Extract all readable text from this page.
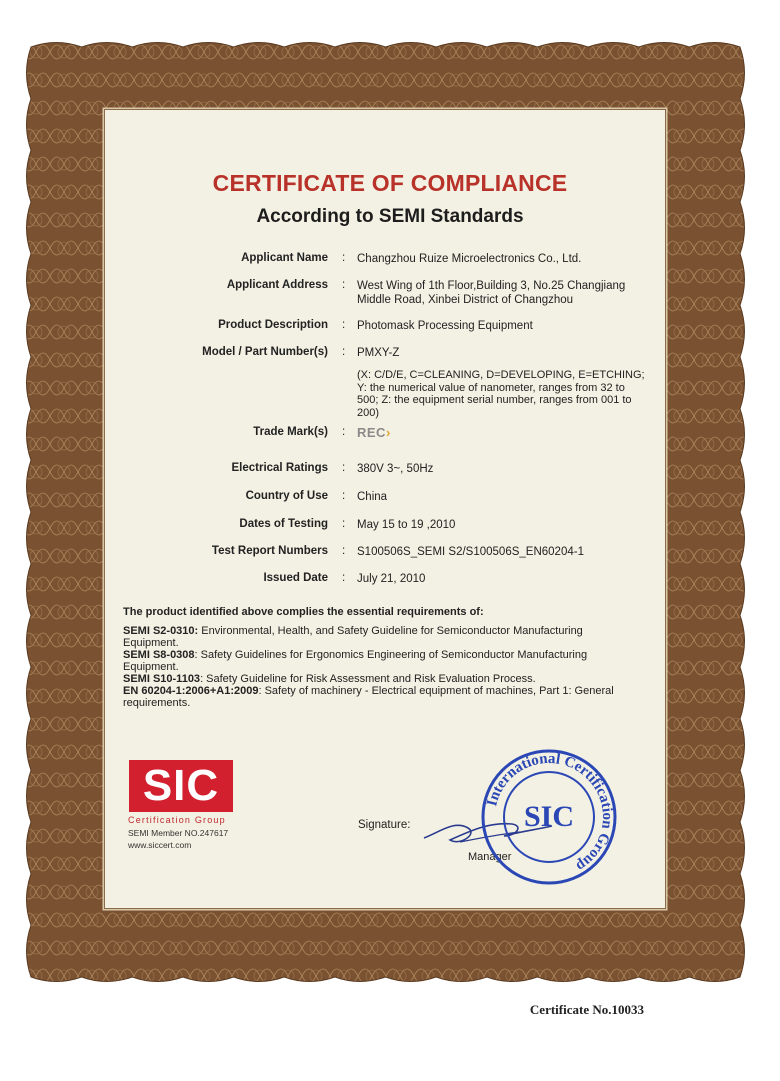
CERTIFICATE OF COMPLIANCE
According to SEMI Standards
Applicant Name : Changzhou Ruize Microelectronics Co., Ltd.
Applicant Address : West Wing of 1th Floor,Building 3, No.25 Changjiang Middle Road, Xinbei District of Changzhou
Product Description : Photomask Processing Equipment
Model / Part Number(s) : PMXY-Z
(X: C/D/E, C=CLEANING, D=DEVELOPING, E=ETCHING; Y: the numerical value of nanometer, ranges from 32 to 500; Z: the equipment serial number, ranges from 001 to 200)
Trade Mark(s) : REC›
Electrical Ratings : 380V 3~, 50Hz
Country of Use : China
Dates of Testing : May 15 to 19 ,2010
Test Report Numbers : S100506S_SEMI S2/S100506S_EN60204-1
Issued Date : July 21, 2010
The product identified above complies the essential requirements of:
SEMI S2-0310: Environmental, Health, and Safety Guideline for Semiconductor Manufacturing Equipment.
SEMI S8-0308: Safety Guidelines for Ergonomics Engineering of Semiconductor Manufacturing Equipment.
SEMI S10-1103: Safety Guideline for Risk Assessment and Risk Evaluation Process.
EN 60204-1:2006+A1:2009: Safety of machinery - Electrical equipment of machines, Part 1: General requirements.
SIC
Certification Group
SEMI Member NO.247617
www.siccert.com
Signature:
Manager
International Certification Group
SIC
Certificate No.10033
